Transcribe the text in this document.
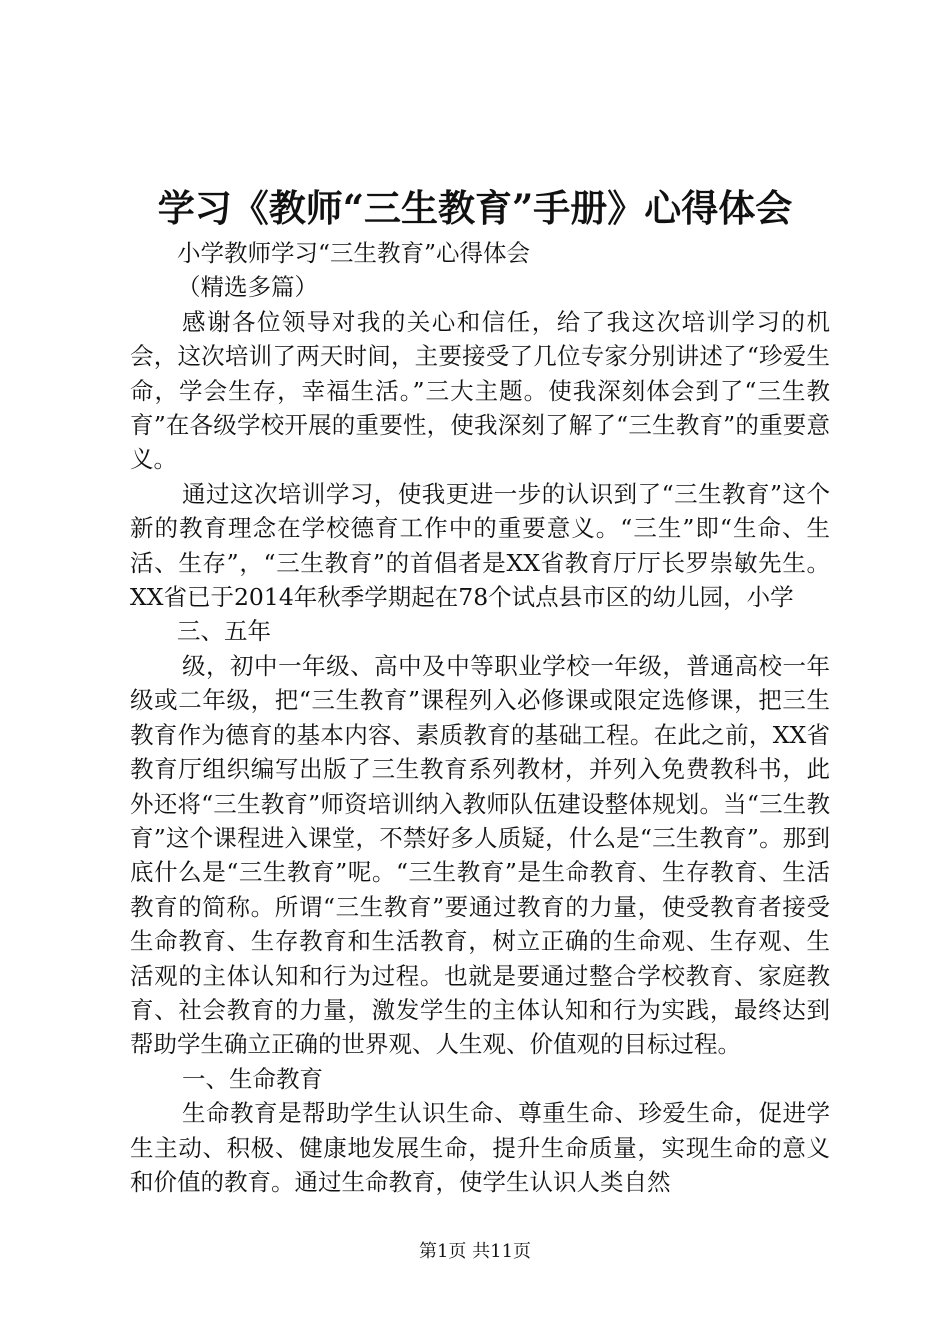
学习《教师“三生教育”手册》心得体会

小学教师学习“三生教育”心得体会

（精选多篇）

感谢各位领导对我的关心和信任，给了我这次培训学习的机会，这次培训了两天时间，主要接受了几位专家分别讲述了“珍爱生命，学会生存，幸福生活。”三大主题。使我深刻体会到了“三生教育”在各级学校开展的重要性，使我深刻了解了“三生教育”的重要意义。

通过这次培训学习，使我更进一步的认识到了“三生教育”这个新的教育理念在学校德育工作中的重要意义。“三生”即“生命、生活、生存”，“三生教育”的首倡者是XX省教育厅厅长罗崇敏先生。XX省已于2014年秋季学期起在78个试点县市区的幼儿园，小学

三、五年

级，初中一年级、高中及中等职业学校一年级，普通高校一年级或二年级，把“三生教育”课程列入必修课或限定选修课，把三生教育作为德育的基本内容、素质教育的基础工程。在此之前，XX省教育厅组织编写出版了三生教育系列教材，并列入免费教科书，此外还将“三生教育”师资培训纳入教师队伍建设整体规划。当“三生教育”这个课程进入课堂，不禁好多人质疑，什么是“三生教育”。那到底什么是“三生教育”呢。“三生教育”是生命教育、生存教育、生活教育的简称。所谓“三生教育”要通过教育的力量，使受教育者接受生命教育、生存教育和生活教育，树立正确的生命观、生存观、生活观的主体认知和行为过程。也就是要通过整合学校教育、家庭教育、社会教育的力量，激发学生的主体认知和行为实践，最终达到帮助学生确立正确的世界观、人生观、价值观的目标过程。

一、生命教育

生命教育是帮助学生认识生命、尊重生命、珍爱生命，促进学生主动、积极、健康地发展生命，提升生命质量，实现生命的意义和价值的教育。通过生命教育，使学生认识人类自然

第1页 共11页
